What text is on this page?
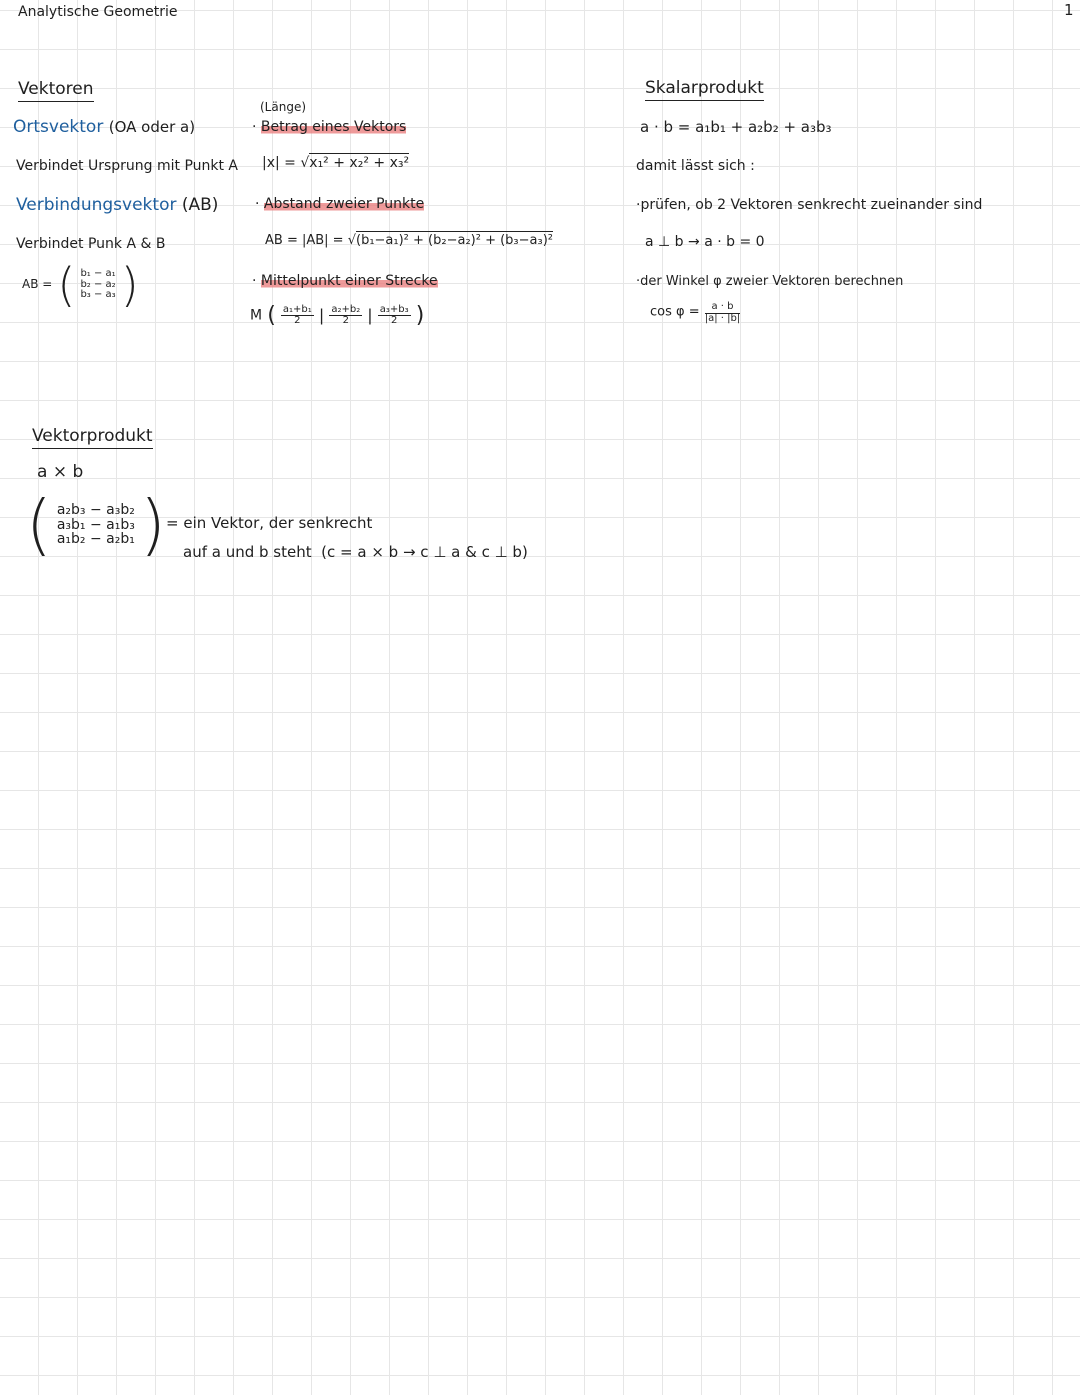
Analytische Geometrie	1
Vektoren
Ortsvektor (OA oder a)
Verbindet Ursprung mit Punkt A
Verbindungsvektor (AB)
Verbindet Punk A & B
AB = ( b₁ − a₁
b₂ − a₂
b₃ − a₃ )
(Länge)
· Betrag eines Vektors
|x| = √x₁² + x₂² + x₃²
· Abstand zweier Punkte
AB = |AB| = √(b₁−a₁)² + (b₂−a₂)² + (b₃−a₃)²
· Mittelpunkt einer Strecke
M ( $\frac{\text{a₁+b₁}}{2}$ | $\frac{\text{a₂+b₂}}{2}$ | $\frac{\text{a₃+b₃}}{2}$ )
Skalarprodukt
a · b = a₁b₁ + a₂b₂ + a₃b₃
damit lässt sich :
·prüfen, ob 2 Vektoren senkrecht zueinander sind
a ⊥ b → a · b = 0
·der Winkel φ zweier Vektoren berechnen
$\cos \varphi = \frac{a \cdot b}{|a| \cdot |b|}$
Vektorprodukt
a × b
( a₂b₃ − a₃b₂
a₃b₁ − a₁b₃
a₁b₂ − a₂b₁ ) = ein Vektor, der senkrecht
auf a und b steht (c = a × b → c ⊥ a & c ⊥ b)
